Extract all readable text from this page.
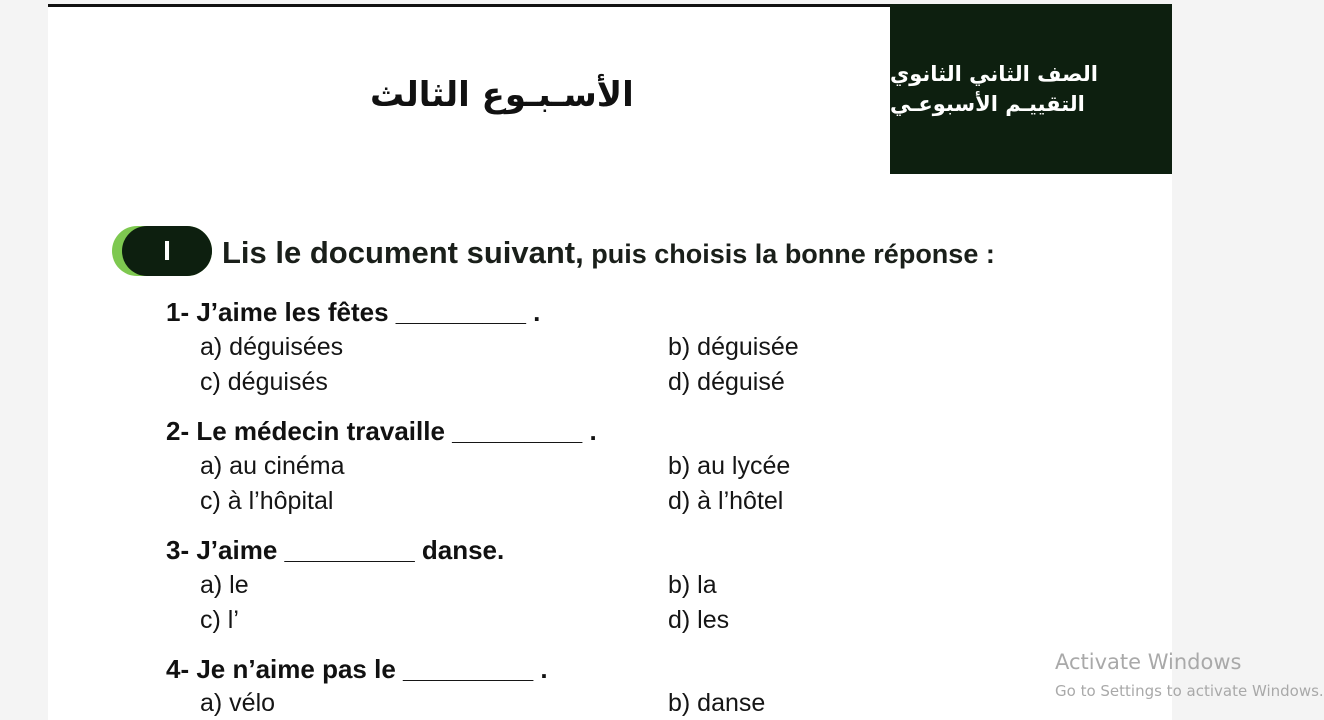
الصف الثاني الثانوي
التقييـم الأسبوعـي
الأسـبـوع الثالث
I	Lis le document suivant, puis choisis la bonne réponse :
1- J’aime les fêtes _________ .
a) déguisées	b) déguisée
c) déguisés	d) déguisé
2- Le médecin travaille _________ .
a) au cinéma	b) au lycée
c) à l’hôpital	d) à l’hôtel
3- J’aime _________ danse.
a) le	b) la
c) l’	d) les
4- Je n’aime pas le _________ .
a) vélo	b) danse
Activate Windows
Go to Settings to activate Windows.
